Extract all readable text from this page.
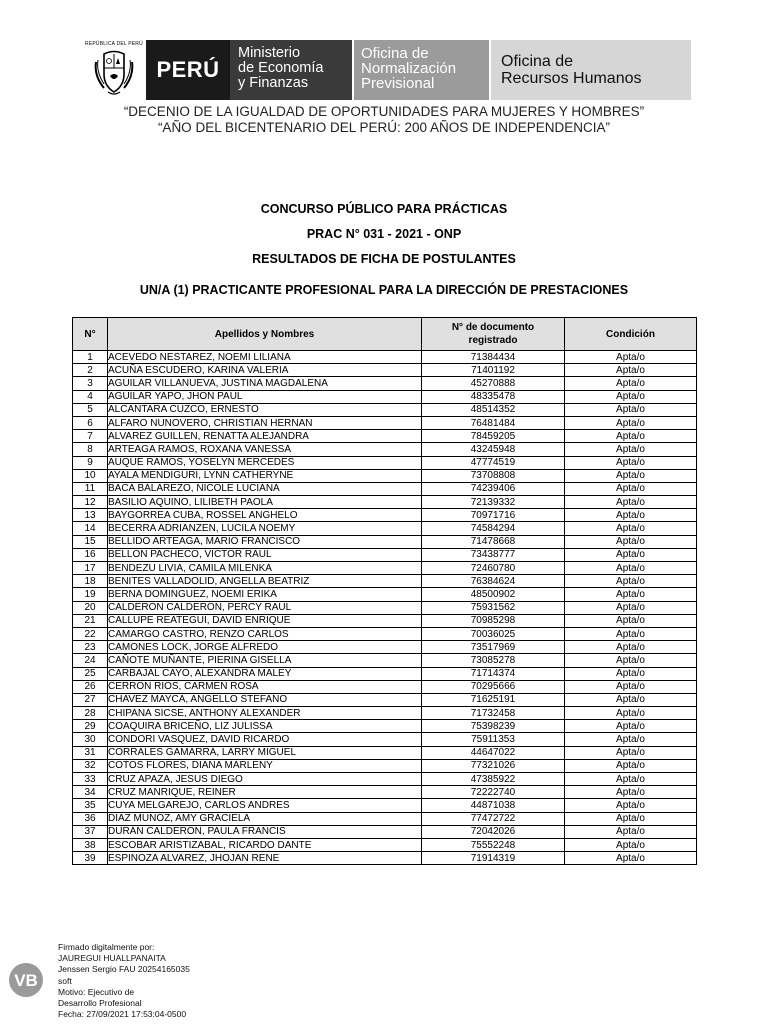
REPÚBLICA DEL PERÚ
PERÚ
Ministerio
de Economía
y Finanzas
Oficina de
Normalización
Previsional
Oficina de
Recursos Humanos
“DECENIO DE LA IGUALDAD DE OPORTUNIDADES PARA MUJERES Y HOMBRES”
“AÑO DEL BICENTENARIO DEL PERÚ: 200 AÑOS DE INDEPENDENCIA”
CONCURSO PÚBLICO PARA PRÁCTICAS
PRAC N° 031 - 2021 - ONP
RESULTADOS DE FICHA DE POSTULANTES
UN/A (1) PRACTICANTE PROFESIONAL PARA LA DIRECCIÓN DE PRESTACIONES
N°	Apellidos y Nombres	N° de documento registrado	Condición
1	ACEVEDO NESTAREZ, NOEMI LILIANA	71384434	Apta/o
2	ACUÑA ESCUDERO, KARINA VALERIA	71401192	Apta/o
3	AGUILAR VILLANUEVA, JUSTINA MAGDALENA	45270888	Apta/o
4	AGUILAR YAPO, JHON PAUL	48335478	Apta/o
5	ALCANTARA CUZCO, ERNESTO	48514352	Apta/o
6	ALFARO NUNOVERO, CHRISTIAN HERNAN	76481484	Apta/o
7	ALVAREZ GUILLEN, RENATTA ALEJANDRA	78459205	Apta/o
8	ARTEAGA RAMOS, ROXANA VANESSA	43245948	Apta/o
9	AUQUE RAMOS, YOSELYN MERCEDES	47774519	Apta/o
10	AYALA MENDIGURI, LYNN CATHERYNE	73708808	Apta/o
11	BACA BALAREZO, NICOLE LUCIANA	74239406	Apta/o
12	BASILIO AQUINO, LILIBETH PAOLA	72139332	Apta/o
13	BAYGORREA CUBA, ROSSEL ANGHELO	70971716	Apta/o
14	BECERRA ADRIANZEN, LUCILA NOEMY	74584294	Apta/o
15	BELLIDO ARTEAGA, MARIO FRANCISCO	71478668	Apta/o
16	BELLON PACHECO, VICTOR RAUL	73438777	Apta/o
17	BENDEZU LIVIA, CAMILA MILENKA	72460780	Apta/o
18	BENITES VALLADOLID, ANGELLA BEATRIZ	76384624	Apta/o
19	BERNA DOMINGUEZ, NOEMI ERIKA	48500902	Apta/o
20	CALDERON CALDERON, PERCY RAUL	75931562	Apta/o
21	CALLUPE REATEGUI, DAVID ENRIQUE	70985298	Apta/o
22	CAMARGO CASTRO, RENZO CARLOS	70036025	Apta/o
23	CAMONES LOCK, JORGE ALFREDO	73517969	Apta/o
24	CAÑOTE MUÑANTE, PIERINA GISELLA	73085278	Apta/o
25	CARBAJAL CAYO, ALEXANDRA MALEY	71714374	Apta/o
26	CERRON RIOS, CARMEN ROSA	70295666	Apta/o
27	CHAVEZ MAYCA, ANGELLO STEFANO	71625191	Apta/o
28	CHIPANA SICSE, ANTHONY ALEXANDER	71732458	Apta/o
29	COAQUIRA BRICEÑO, LIZ JULISSA	75398239	Apta/o
30	CONDORI VASQUEZ, DAVID RICARDO	75911353	Apta/o
31	CORRALES GAMARRA, LARRY MIGUEL	44647022	Apta/o
32	COTOS FLORES, DIANA MARLENY	77321026	Apta/o
33	CRUZ APAZA, JESUS DIEGO	47385922	Apta/o
34	CRUZ MANRIQUE, REINER	72222740	Apta/o
35	CUYA MELGAREJO, CARLOS ANDRES	44871038	Apta/o
36	DIAZ MUÑOZ, AMY GRACIELA	77472722	Apta/o
37	DURÁN CALDERÓN, PAULA FRANCIS	72042026	Apta/o
38	ESCOBAR ARISTIZABAL, RICARDO DANTE	75552248	Apta/o
39	ESPINOZA ALVAREZ, JHOJAN RENE	71914319	Apta/o
VB
Firmado digitalmente por:
JAUREGUI HUALLPANAITA
Jenssen Sergio FAU 20254165035
soft
Motivo: Ejecutivo de
Desarrollo Profesional
Fecha: 27/09/2021 17:53:04-0500
